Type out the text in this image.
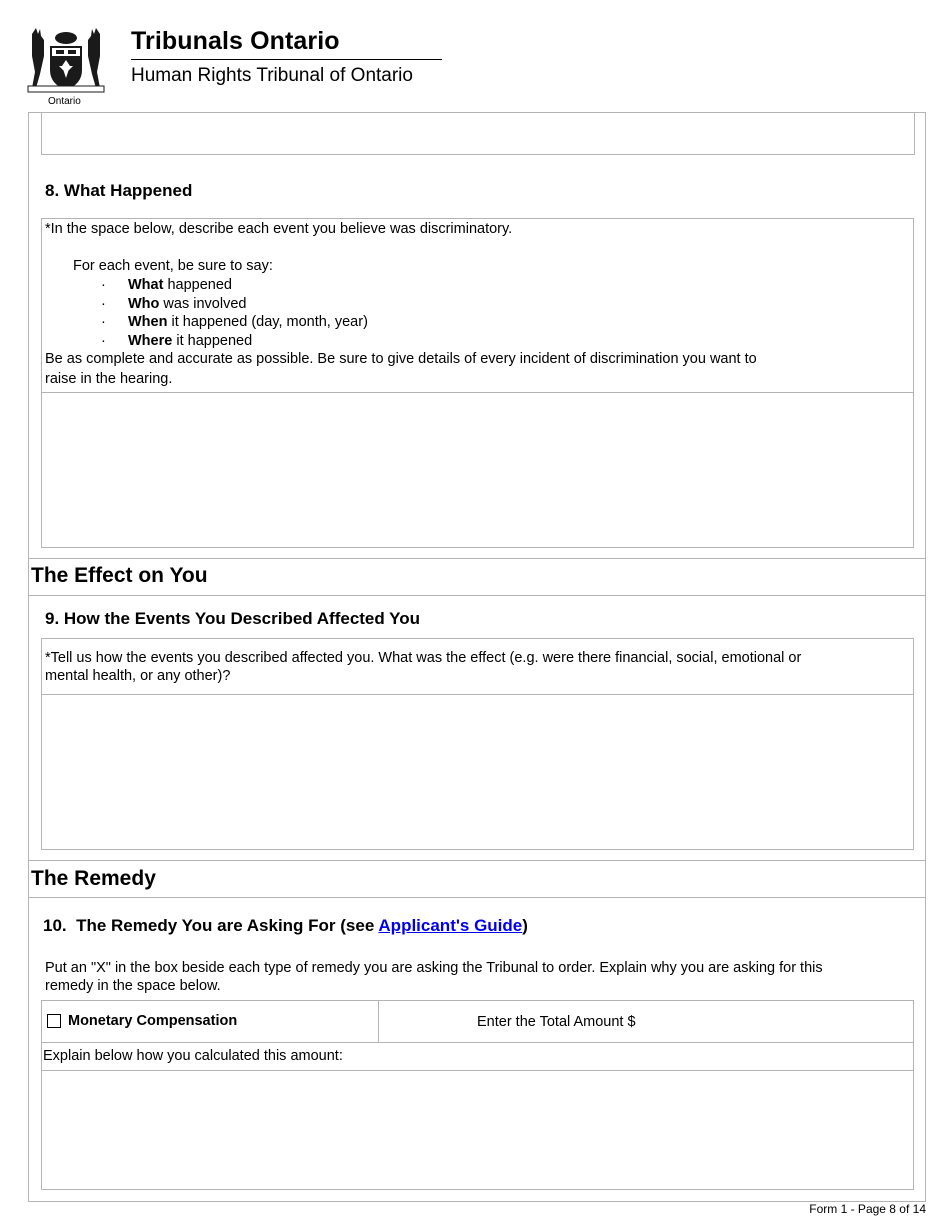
Ontario
Tribunals Ontario
Human Rights Tribunal of Ontario
8. What Happened
*In the space below, describe each event you believe was discriminatory.
For each event, be sure to say:
·	What happened
·	Who was involved
·	When it happened (day, month, year)
·	Where it happened
Be as complete and accurate as possible. Be sure to give details of every incident of discrimination you want to
raise in the hearing.
The Effect on You
9. How the Events You Described Affected You
*Tell us how the events you described affected you. What was the effect (e.g. were there financial, social, emotional or
mental health, or any other)?
The Remedy
10.  The Remedy You are Asking For (see Applicant's Guide)
Put an "X" in the box beside each type of remedy you are asking the Tribunal to order. Explain why you are asking for this
remedy in the space below.
Monetary Compensation	Enter the Total Amount $
Explain below how you calculated this amount:
Form 1 - Page 8 of 14
